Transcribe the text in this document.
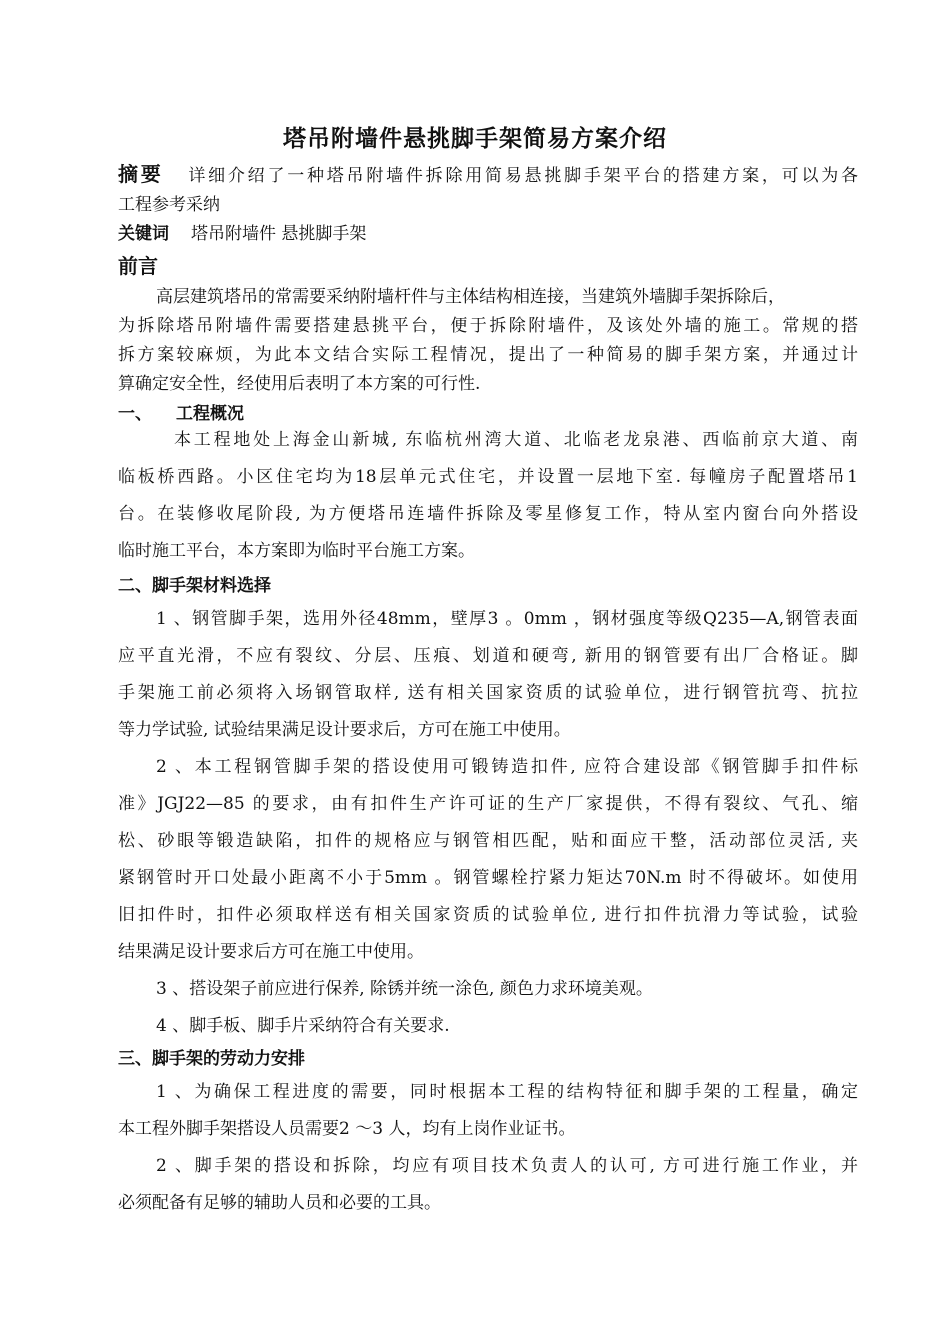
塔吊附墙件悬挑脚手架简易方案介绍
摘要 详细介绍了一种塔吊附墙件拆除用简易悬挑脚手架平台的搭建方案，可以为各
工程参考采纳
关键词 塔吊附墙件 悬挑脚手架
前言
高层建筑塔吊的常需要采纳附墙杆件与主体结构相连接，当建筑外墙脚手架拆除后，
为拆除塔吊附墙件需要搭建悬挑平台，便于拆除附墙件，及该处外墙的施工。常规的搭
拆方案较麻烦，为此本文结合实际工程情况，提出了一种简易的脚手架方案，并通过计
算确定安全性，经使用后表明了本方案的可行性.
一、 工程概况
本工程地处上海金山新城, 东临杭州湾大道、北临老龙泉港、西临前京大道、南
临板桥西路。小区住宅均为18层单元式住宅，并设置一层地下室. 每幢房子配置塔吊1
台。在装修收尾阶段, 为方便塔吊连墙件拆除及零星修复工作，特从室内窗台向外搭设
临时施工平台，本方案即为临时平台施工方案。
二、脚手架材料选择
1 、钢管脚手架，选用外径48mm，壁厚3 。0mm ，钢材强度等级Q235—A,钢管表面
应平直光滑，不应有裂纹、分层、压痕、划道和硬弯, 新用的钢管要有出厂合格证。脚
手架施工前必须将入场钢管取样, 送有相关国家资质的试验单位，进行钢管抗弯、抗拉
等力学试验, 试验结果满足设计要求后，方可在施工中使用。
2 、本工程钢管脚手架的搭设使用可锻铸造扣件, 应符合建设部《钢管脚手扣件标
准》JGJ22—85 的要求，由有扣件生产许可证的生产厂家提供，不得有裂纹、气孔、缩
松、砂眼等锻造缺陷，扣件的规格应与钢管相匹配，贴和面应干整，活动部位灵活, 夹
紧钢管时开口处最小距离不小于5mm 。钢管螺栓拧紧力矩达70N.m 时不得破坏。如使用
旧扣件时，扣件必须取样送有相关国家资质的试验单位, 进行扣件抗滑力等试验，试验
结果满足设计要求后方可在施工中使用。
3 、搭设架子前应进行保养, 除锈并统一涂色, 颜色力求环境美观。
4 、脚手板、脚手片采纳符合有关要求.
三、脚手架的劳动力安排
1 、为确保工程进度的需要，同时根据本工程的结构特征和脚手架的工程量，确定
本工程外脚手架搭设人员需要2 ～3 人，均有上岗作业证书。
2 、脚手架的搭设和拆除，均应有项目技术负责人的认可, 方可进行施工作业，并
必须配备有足够的辅助人员和必要的工具。
